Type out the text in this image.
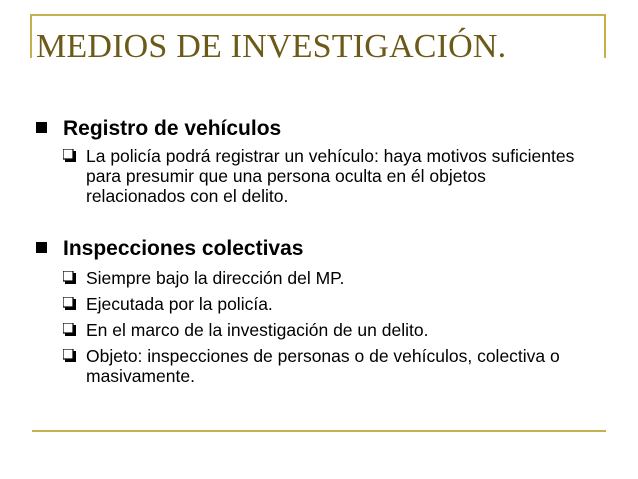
MEDIOS DE INVESTIGACIÓN.
Registro de vehículos
La policía podrá registrar un vehículo: haya motivos suficientes para presumir que una persona oculta en él objetos relacionados con el delito.
Inspecciones colectivas
Siempre bajo la dirección del MP.
Ejecutada por la policía.
En el marco de la investigación de un delito.
Objeto: inspecciones de personas o de vehículos, colectiva o masivamente.
